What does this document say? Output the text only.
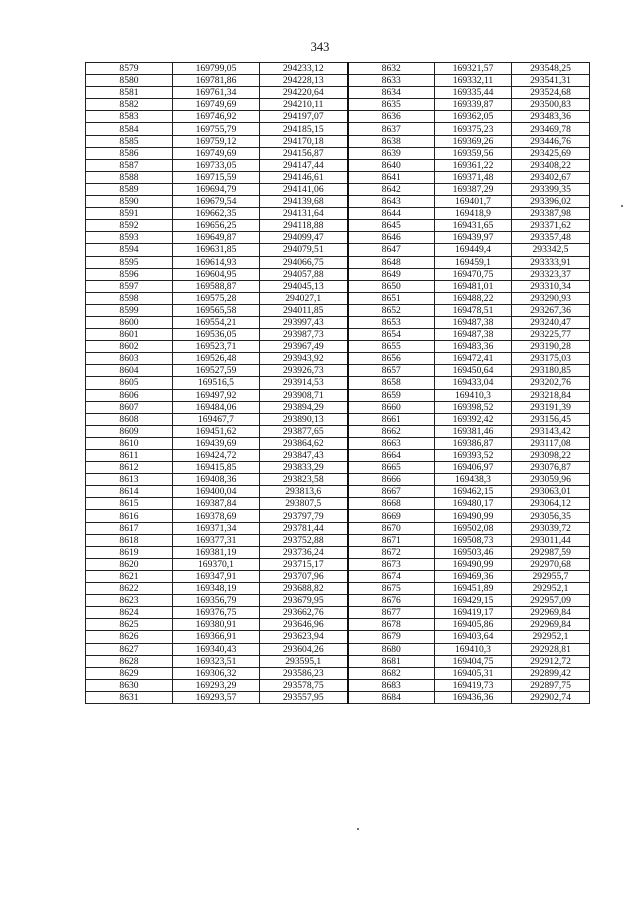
343
8579	169799,05	294233,12	8632	169321,57	293548,25
8580	169781,86	294228,13	8633	169332,11	293541,31
8581	169761,34	294220,64	8634	169335,44	293524,68
8582	169749,69	294210,11	8635	169339,87	293500,83
8583	169746,92	294197,07	8636	169362,05	293483,36
8584	169755,79	294185,15	8637	169375,23	293469,78
8585	169759,12	294170,18	8638	169369,26	293446,76
8586	169749,69	294156,87	8639	169359,56	293425,69
8587	169733,05	294147,44	8640	169361,22	293408,22
8588	169715,59	294146,61	8641	169371,48	293402,67
8589	169694,79	294141,06	8642	169387,29	293399,35
8590	169679,54	294139,68	8643	169401,7	293396,02
8591	169662,35	294131,64	8644	169418,9	293387,98
8592	169656,25	294118,88	8645	169431,65	293371,62
8593	169649,87	294099,47	8646	169439,97	293357,48
8594	169631,85	294079,51	8647	169449,4	293342,5
8595	169614,93	294066,75	8648	169459,1	293333,91
8596	169604,95	294057,88	8649	169470,75	293323,37
8597	169588,87	294045,13	8650	169481,01	293310,34
8598	169575,28	294027,1	8651	169488,22	293290,93
8599	169565,58	294011,85	8652	169478,51	293267,36
8600	169554,21	293997,43	8653	169487,38	293240,47
8601	169536,05	293987,73	8654	169487,38	293225,77
8602	169523,71	293967,49	8655	169483,36	293190,28
8603	169526,48	293943,92	8656	169472,41	293175,03
8604	169527,59	293926,73	8657	169450,64	293180,85
8605	169516,5	293914,53	8658	169433,04	293202,76
8606	169497,92	293908,71	8659	169410,3	293218,84
8607	169484,06	293894,29	8660	169398,52	293191,39
8608	169467,7	293890,13	8661	169392,42	293156,45
8609	169451,62	293877,65	8662	169381,46	293143,42
8610	169439,69	293864,62	8663	169386,87	293117,08
8611	169424,72	293847,43	8664	169393,52	293098,22
8612	169415,85	293833,29	8665	169406,97	293076,87
8613	169408,36	293823,58	8666	169438,3	293059,96
8614	169400,04	293813,6	8667	169462,15	293063,01
8615	169387,84	293807,5	8668	169480,17	293064,12
8616	169378,69	293797,79	8669	169490,99	293056,35
8617	169371,34	293781,44	8670	169502,08	293039,72
8618	169377,31	293752,88	8671	169508,73	293011,44
8619	169381,19	293736,24	8672	169503,46	292987,59
8620	169370,1	293715,17	8673	169490,99	292970,68
8621	169347,91	293707,96	8674	169469,36	292955,7
8622	169348,19	293688,82	8675	169451,89	292952,1
8623	169356,79	293679,95	8676	169429,15	292957,09
8624	169376,75	293662,76	8677	169419,17	292969,84
8625	169380,91	293646,96	8678	169405,86	292969,84
8626	169366,91	293623,94	8679	169403,64	292952,1
8627	169340,43	293604,26	8680	169410,3	292928,81
8628	169323,51	293595,1	8681	169404,75	292912,72
8629	169306,32	293586,23	8682	169405,31	292899,42
8630	169293,29	293578,75	8683	169419,73	292897,75
8631	169293,57	293557,95	8684	169436,36	292902,74
